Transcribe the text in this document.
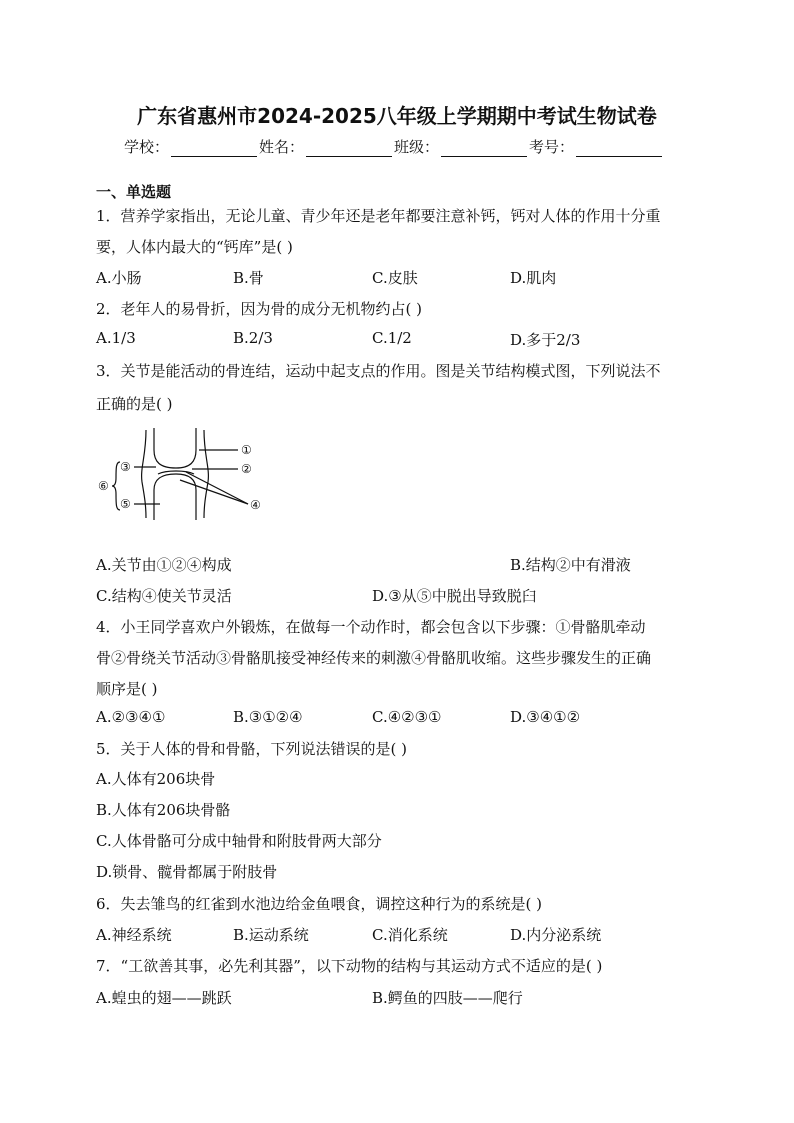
广东省惠州市2024-2025八年级上学期期中考试生物试卷
学校：	姓名：	班级：	考号：
一、单选题
1．营养学家指出，无论儿童、青少年还是老年都要注意补钙，钙对人体的作用十分重
要，人体内最大的“钙库”是( )
A.小肠	B.骨	C.皮肤	D.肌肉
2．老年人的易骨折，因为骨的成分无机物约占( )
A.1/3	B.2/3	C.1/2	D.多于2/3
3．关节是能活动的骨连结，运动中起支点的作用。图是关节结构模式图，下列说法不
正确的是( )
①
②
③
④
⑤
⑥
A.关节由①②④构成	B.结构②中有滑液
C.结构④使关节灵活	D.③从⑤中脱出导致脱臼
4．小王同学喜欢户外锻炼，在做每一个动作时，都会包含以下步骤：①骨骼肌牵动
骨②骨绕关节活动③骨骼肌接受神经传来的刺激④骨骼肌收缩。这些步骤发生的正确
顺序是( )
A.②③④①	B.③①②④	C.④②③①	D.③④①②
5．关于人体的骨和骨骼，下列说法错误的是( )
A.人体有206块骨
B.人体有206块骨骼
C.人体骨骼可分成中轴骨和附肢骨两大部分
D.锁骨、髋骨都属于附肢骨
6．失去雏鸟的红雀到水池边给金鱼喂食，调控这种行为的系统是( )
A.神经系统	B.运动系统	C.消化系统	D.内分泌系统
7．“工欲善其事，必先利其器”，以下动物的结构与其运动方式不适应的是( )
A.蝗虫的翅——跳跃	B.鳄鱼的四肢——爬行
